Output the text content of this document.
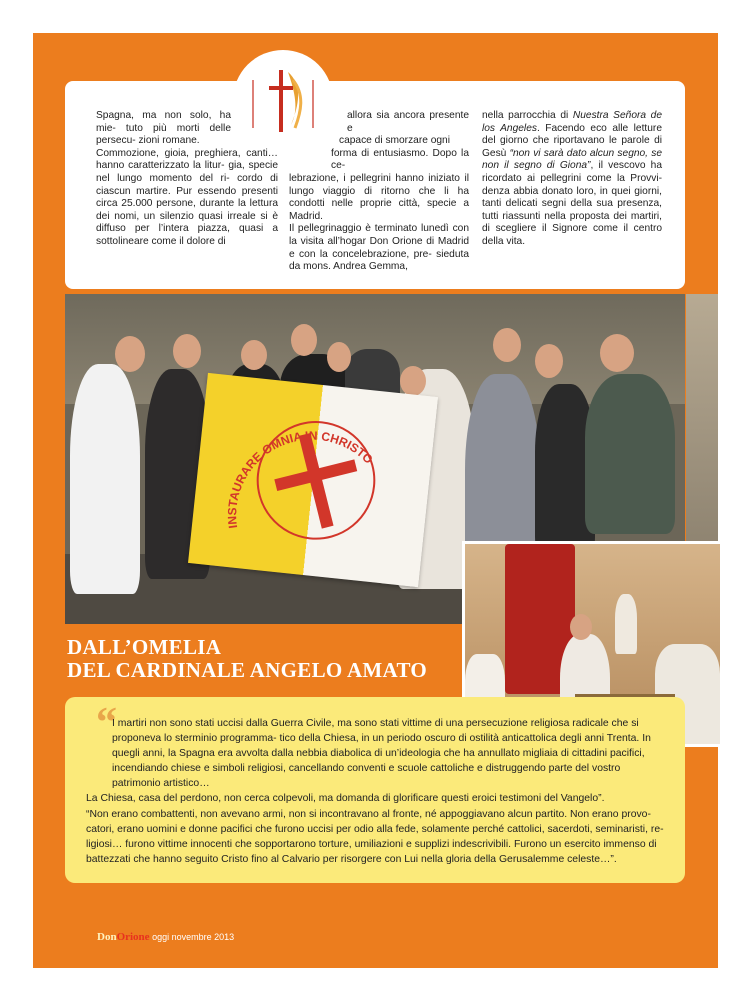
Spagna, ma non solo, ha mie- tuto più morti delle persecu- zioni romane.

Commozione, gioia, preghiera, canti… hanno caratterizzato la litur- gia, specie nel lungo momento del ri- cordo di ciascun martire. Pur essendo presenti circa 25.000 persone, durante la lettura dei nomi, un silenzio quasi irreale si è diffuso per l’intera piazza, quasi a sottolineare come il dolore di

allora sia ancora presente e
capace di smorzare ogni
forma di entusiasmo. Dopo la ce-

lebrazione, i pellegrini hanno iniziato il lungo viaggio di ritorno che li ha condotti nelle proprie città, specie a Madrid.

Il pellegrinaggio è terminato lunedì con la visita all’hogar Don Orione di Madrid e con la concelebrazione, pre- sieduta da mons. Andrea Gemma,

nella parrocchia di Nuestra Señora de los Angeles. Facendo eco alle letture del giorno che riportavano le parole di Gesù “non vi sarà dato alcun segno, se non il segno di Giona”, il vescovo ha ricordato ai pellegrini come la Provvi- denza abbia donato loro, in quei giorni, tanti delicati segni della sua presenza, tutti riassunti nella proposta dei martiri, di scegliere il Signore come il centro della vita.

INSTAURARE OMNIA IN CHRISTO
DALL’OMELIA
DEL CARDINALE ANGELO AMATO
“

I martiri non sono stati uccisi dalla Guerra Civile, ma sono stati vittime di una persecuzione religiosa radicale che si proponeva lo sterminio programma- tico della Chiesa, in un periodo oscuro di ostilità anticattolica degli anni Trenta. In quegli anni, la Spagna era avvolta dalla nebbia diabolica di un’ideologia che ha annullato migliaia di cittadini pacifici, incendiando chiese e simboli religiosi, cancellando conventi e scuole cattoliche e distruggendo parte del vostro patrimonio artistico…

La Chiesa, casa del perdono, non cerca colpevoli, ma domanda di glorificare questi eroici testimoni del Vangelo”.

“Non erano combattenti, non avevano armi, non si incontravano al fronte, né appoggiavano alcun partito. Non erano provo- catori, erano uomini e donne pacifici che furono uccisi per odio alla fede, solamente perché cattolici, sacerdoti, seminaristi, re- ligiosi… furono vittime innocenti che sopportarono torture, umiliazioni e supplizi indescrivibili. Furono un esercito immenso di battezzati che hanno seguito Cristo fino al Calvario per risorgere con Lui nella gloria della Gerusalemme celeste…”.

DonOrione oggi novembre 2013
